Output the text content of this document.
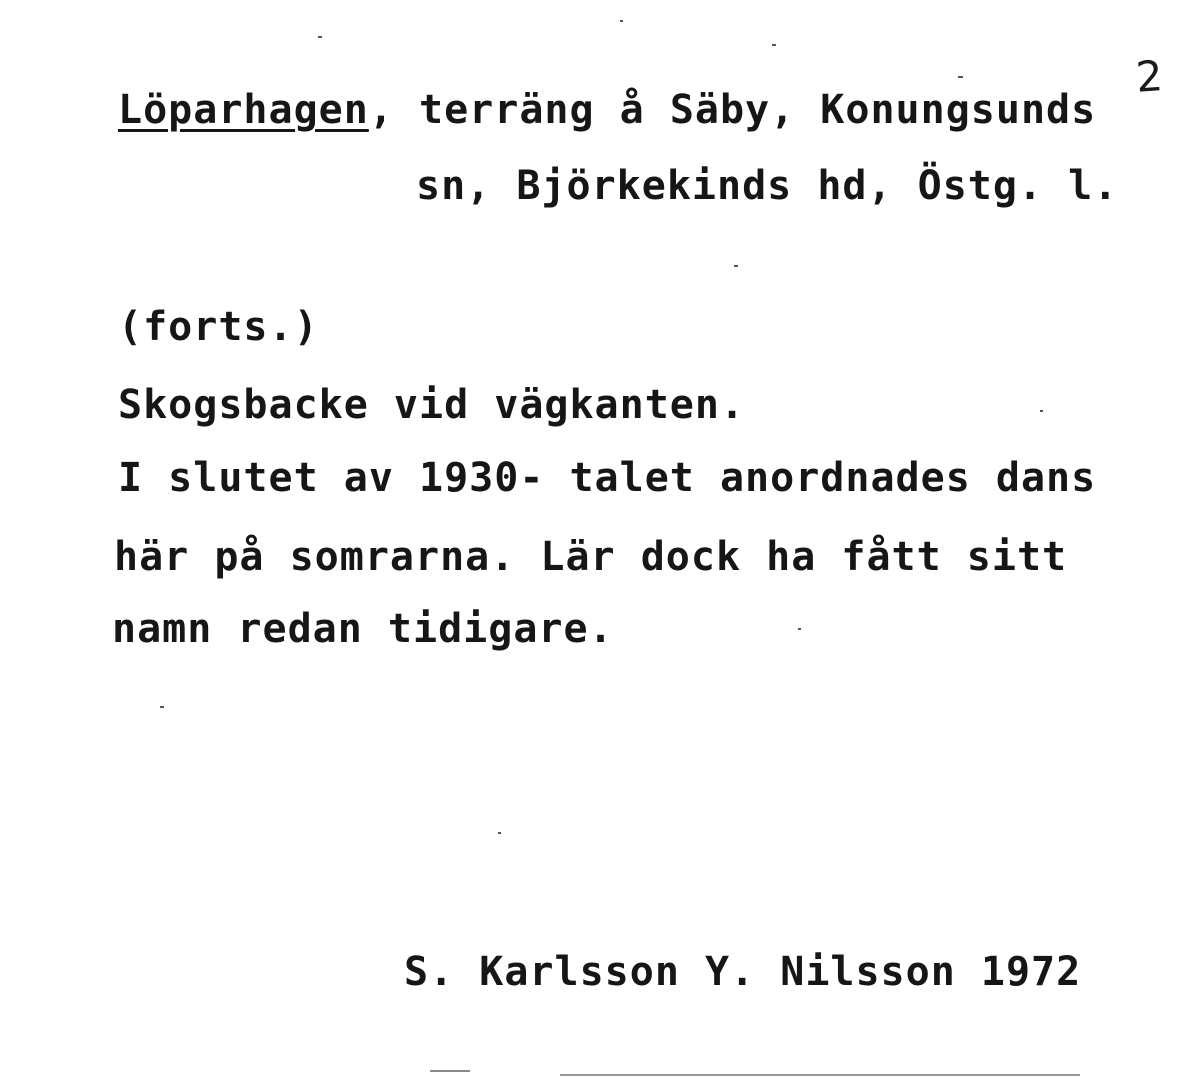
2
Löparhagen, terräng å Säby, Konungsunds
sn, Björkekinds hd, Östg. l.
(forts.)
Skogsbacke vid vägkanten.
I slutet av 1930- talet anordnades dans
här på somrarna. Lär dock ha fått sitt
namn redan tidigare.
S. Karlsson Y. Nilsson 1972
